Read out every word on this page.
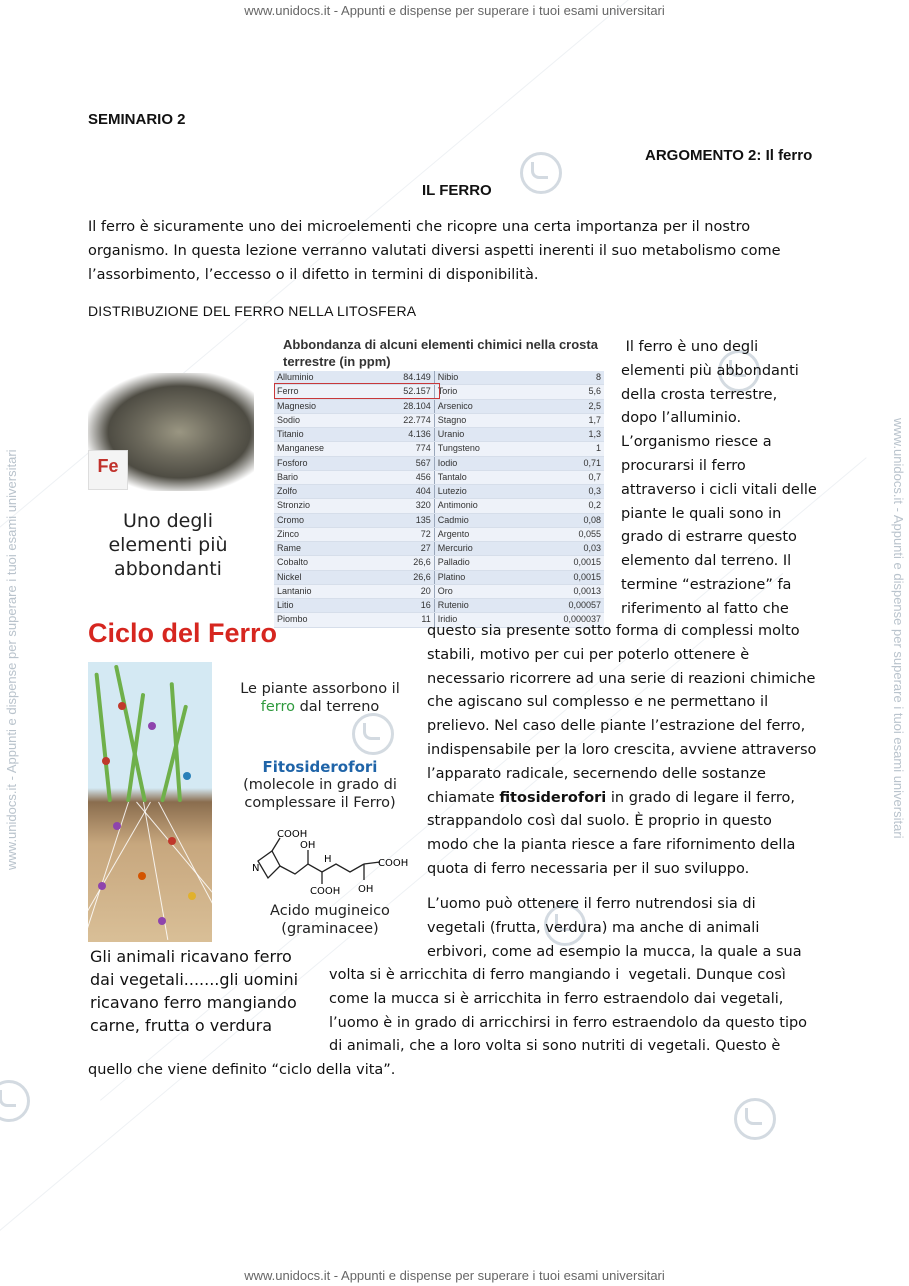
www.unidocs.it - Appunti e dispense per superare i tuoi esami universitari
www.unidocs.it - Appunti e dispense per superare i tuoi esami universitari
www.unidocs.it - Appunti e dispense per superare i tuoi esami universitari	www.unidocs.it - Appunti e dispense per superare i tuoi esami universitari
SEMINARIO 2
ARGOMENTO 2: Il ferro
IL FERRO
Il ferro è sicuramente uno dei microelementi che ricopre una certa importanza per il nostro organismo. In questa lezione verranno valutati diversi aspetti inerenti il suo metabolismo come l’assorbimento, l’eccesso o il difetto in termini di disponibilità.
DISTRIBUZIONE DEL FERRO NELLA LITOSFERA
Fe
Uno degli
elementi più
abbondanti
Abbondanza di alcuni elementi chimici nella crosta terrestre (in ppm)
Alluminio	84.149	Nibio	8
Ferro	52.157	Torio	5,6
Magnesio	28.104	Arsenico	2,5
Sodio	22.774	Stagno	1,7
Titanio	4.136	Uranio	1,3
Manganese	774	Tungsteno	1
Fosforo	567	Iodio	0,71
Bario	456	Tantalo	0,7
Zolfo	404	Lutezio	0,3
Stronzio	320	Antimonio	0,2
Cromo	135	Cadmio	0,08
Zinco	72	Argento	0,055
Rame	27	Mercurio	0,03
Cobalto	26,6	Palladio	0,0015
Nickel	26,6	Platino	0,0015
Lantanio	20	Oro	0,0013
Litio	16	Rutenio	0,00057
Piombo	11	Iridio	0,000037
Il ferro è uno degli
elementi più abbondanti
della crosta terrestre,
dopo l’alluminio.
L’organismo riesce a
procurarsi il ferro
attraverso i cicli vitali delle
piante le quali sono in
grado di estrarre questo
elemento dal terreno. Il
termine “estrazione” fa
riferimento al fatto che
questo sia presente sotto forma di complessi molto
stabili, motivo per cui per poterlo ottenere è
necessario ricorrere ad una serie di reazioni chimiche
che agiscano sul complesso e ne permettano il
prelievo. Nel caso delle piante l’estrazione del ferro,
indispensabile per la loro crescita, avviene attraverso
l’apparato radicale, secernendo delle sostanze
chiamate fitosiderofori in grado di legare il ferro,
strappandolo così dal suolo. È proprio in questo
modo che la pianta riesce a fare rifornimento della
quota di ferro necessaria per il suo sviluppo.
L’uomo può ottenere il ferro nutrendosi sia di
vegetali (frutta, verdura) ma anche di animali
erbivori, come ad esempio la mucca, la quale a sua
volta si è arricchita di ferro mangiando i  vegetali. Dunque così
come la mucca si è arricchita in ferro estraendolo dai vegetali,
l’uomo è in grado di arricchirsi in ferro estraendolo da questo tipo
di animali, che a loro volta si sono nutriti di vegetali. Questo è
quello che viene definito “ciclo della vita”.
Ciclo del Ferro
Le piante assorbono il
ferro dal terreno
Fitosiderofori
(molecole in grado di
complessare il Ferro)
COOH
OH
H
N	COOH
COOH OH
Acido mugineico
(graminacee)
Gli animali ricavano ferro
dai vegetali.......gli uomini
ricavano ferro mangiando
carne, frutta o verdura
